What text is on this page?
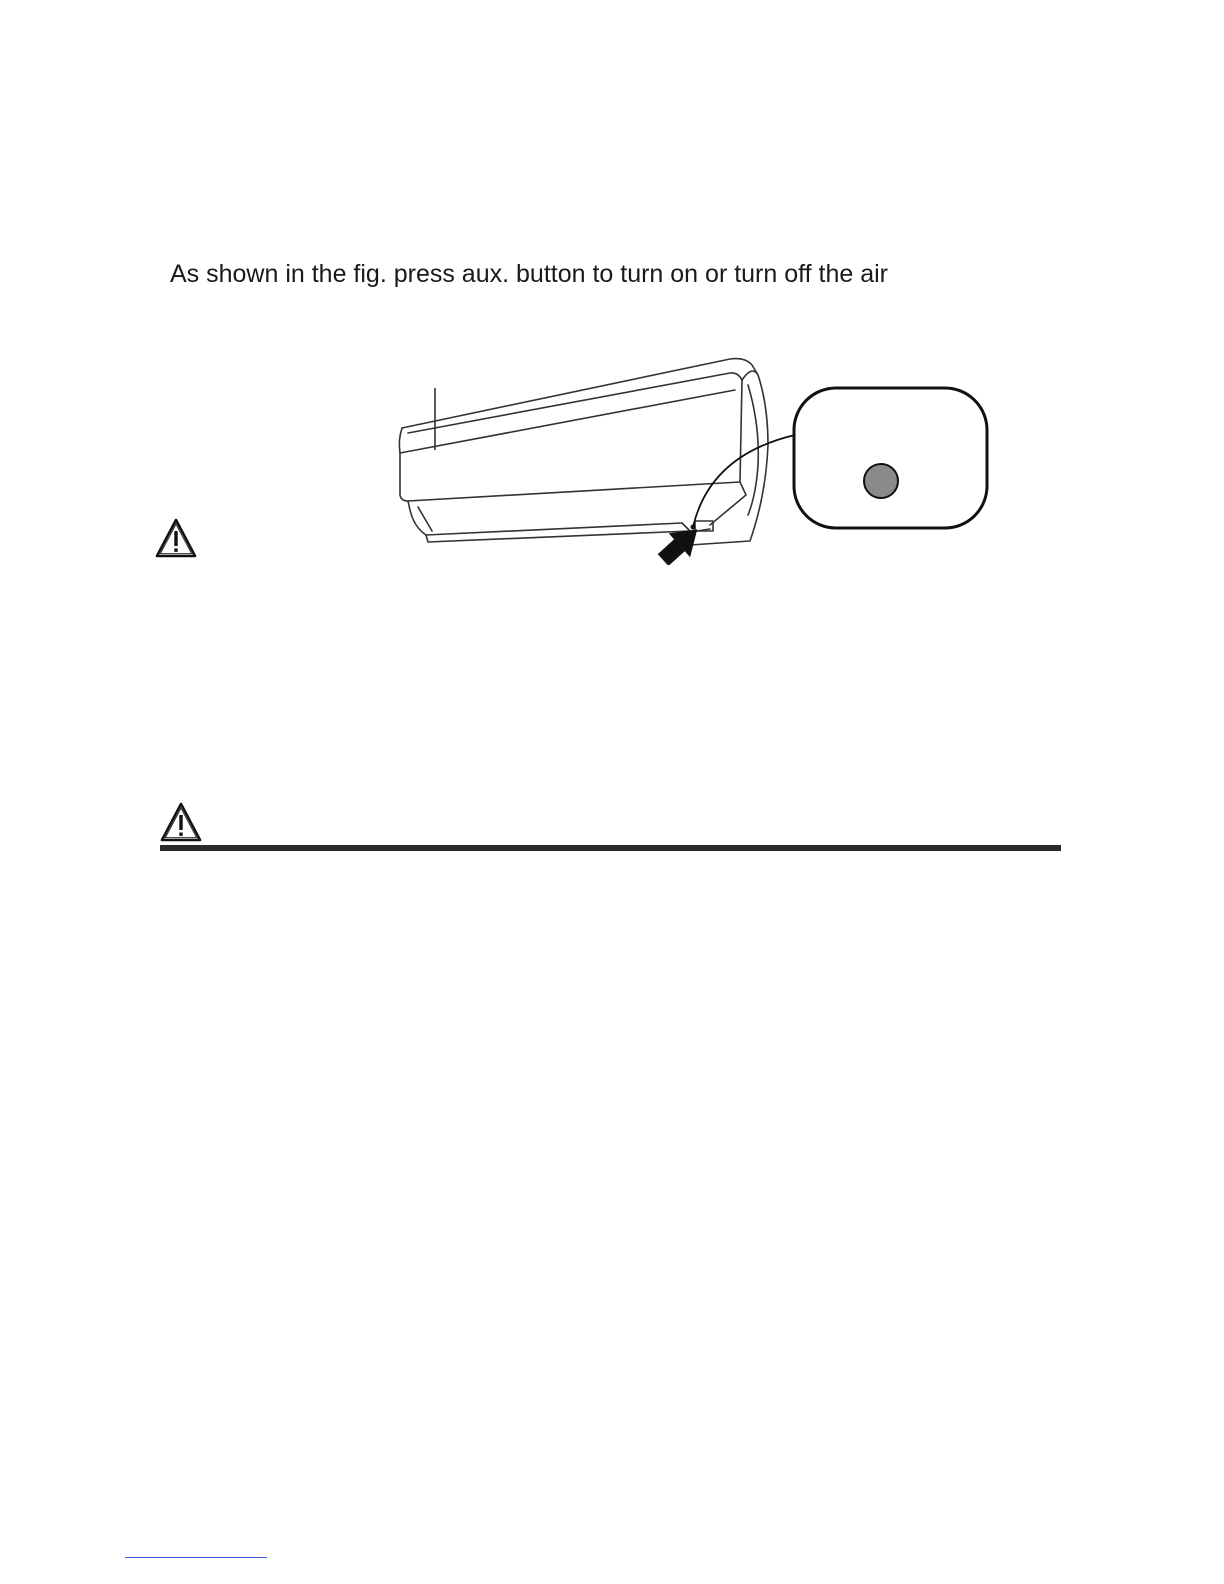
As shown in the fig. press aux. button to turn on or turn off the air
